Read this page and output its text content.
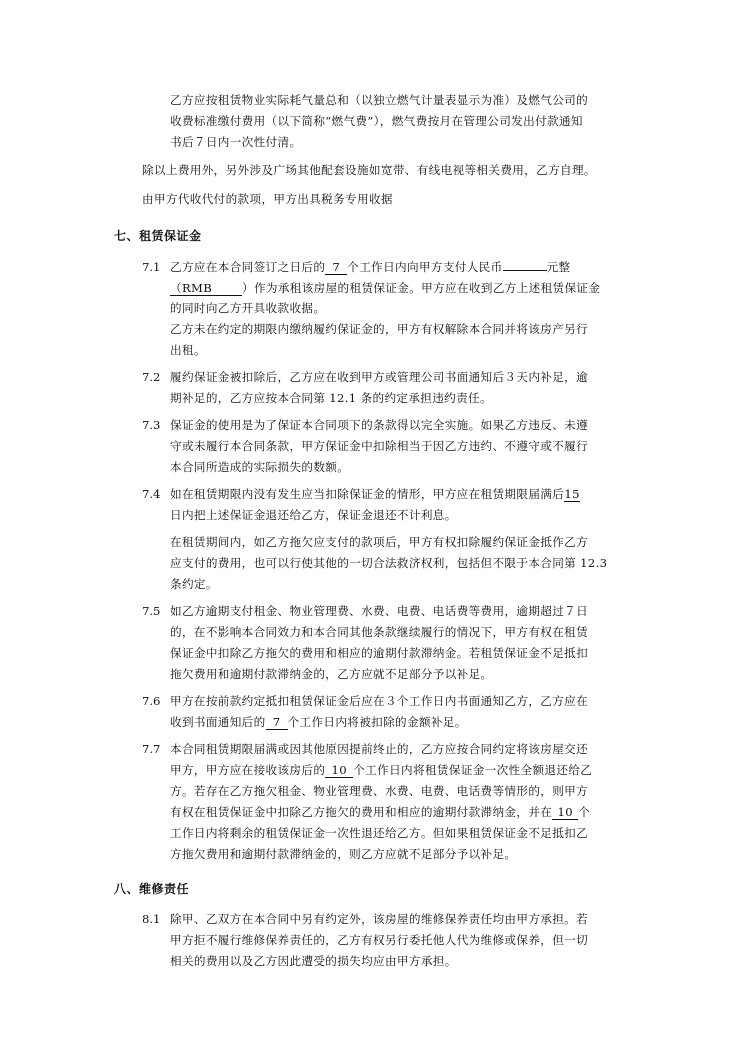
乙方应按租赁物业实际耗气量总和（以独立燃气计量表显示为准）及燃气公司的
收费标准缴付费用（以下简称“燃气费”），燃气费按月在管理公司发出付款通知
书后７日内一次性付清。
除以上费用外，另外涉及广场其他配套设施如宽带、有线电视等相关费用，乙方自理。
由甲方代收代付的款项，甲方出具税务专用收据
七、租赁保证金
7.1 乙方应在本合同签订之日后的 7 个工作日内向甲方支付人民币	元整
（RMB	）作为承租该房屋的租赁保证金。甲方应在收到乙方上述租赁保证金
的同时向乙方开具收款收据。
乙方未在约定的期限内缴纳履约保证金的，甲方有权解除本合同并将该房产另行
出租。
7.2 履约保证金被扣除后，乙方应在收到甲方或管理公司书面通知后３天内补足，逾
期补足的，乙方应按本合同第 12.1 条的约定承担违约责任。
7.3 保证金的使用是为了保证本合同项下的条款得以完全实施。如果乙方违反、未遵
守或未履行本合同条款，甲方保证金中扣除相当于因乙方违约、不遵守或不履行
本合同所造成的实际损失的数额。
7.4 如在租赁期限内没有发生应当扣除保证金的情形，甲方应在租赁期限届满后15
日内把上述保证金退还给乙方，保证金退还不计利息。
在租赁期间内，如乙方拖欠应支付的款项后，甲方有权扣除履约保证金抵作乙方
应支付的费用，也可以行使其他的一切合法救济权利，包括但不限于本合同第 12.3
条约定。
7.5 如乙方逾期支付租金、物业管理费、水费、电费、电话费等费用，逾期超过７日
的，在不影响本合同效力和本合同其他条款继续履行的情况下，甲方有权在租赁
保证金中扣除乙方拖欠的费用和相应的逾期付款滞纳金。若租赁保证金不足抵扣
拖欠费用和逾期付款滞纳金的，乙方应就不足部分予以补足。
7.6 甲方在按前款约定抵扣租赁保证金后应在３个工作日内书面通知乙方，乙方应在
收到书面通知后的 7 个工作日内将被扣除的金额补足。
7.7 本合同租赁期限届满或因其他原因提前终止的，乙方应按合同约定将该房屋交还
甲方，甲方应在接收该房后的 10 个工作日内将租赁保证金一次性全额退还给乙
方。若存在乙方拖欠租金、物业管理费、水费、电费、电话费等情形的，则甲方
有权在租赁保证金中扣除乙方拖欠的费用和相应的逾期付款滞纳金，并在 10 个
工作日内将剩余的租赁保证金一次性退还给乙方。但如果租赁保证金不足抵扣乙
方拖欠费用和逾期付款滞纳金的，则乙方应就不足部分予以补足。
八、维修责任
8.1 除甲、乙双方在本合同中另有约定外，该房屋的维修保养责任均由甲方承担。若
甲方拒不履行维修保养责任的，乙方有权另行委托他人代为维修或保养，但一切
相关的费用以及乙方因此遭受的损失均应由甲方承担。
